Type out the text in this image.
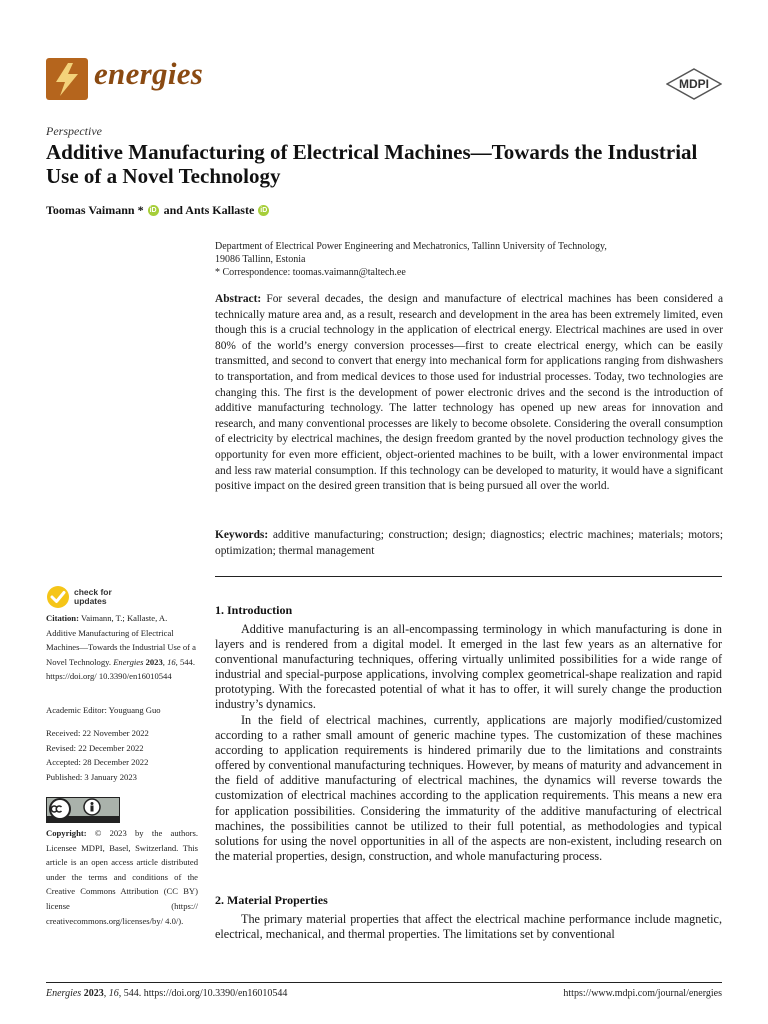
energies	MDPI
Perspective
Additive Manufacturing of Electrical Machines—Towards the Industrial Use of a Novel Technology
Toomas Vaimann * iD and Ants Kallaste iD
Department of Electrical Power Engineering and Mechatronics, Tallinn University of Technology,
19086 Tallinn, Estonia
* Correspondence: toomas.vaimann@taltech.ee
Abstract: For several decades, the design and manufacture of electrical machines has been considered a technically mature area and, as a result, research and development in the area has been extremely limited, even though this is a crucial technology in the application of electrical energy. Electrical machines are used in over 80% of the world’s energy conversion processes—first to create electrical energy, which can be easily transmitted, and second to convert that energy into mechanical form for applications ranging from dishwashers to transportation, and from medical devices to those used for industrial processes. Today, two technologies are changing this. The first is the development of power electronic drives and the second is the introduction of additive manufacturing technology. The latter technology has opened up new areas for innovation and research, and many conventional processes are likely to become obsolete. Considering the overall consumption of electricity by electrical machines, the design freedom granted by the novel production technology gives the opportunity for even more efficient, object-oriented machines to be built, with a lower environmental impact and less raw material consumption. If this technology can be developed to maturity, it would have a significant positive impact on the desired green transition that is being pursued all over the world.
Keywords: additive manufacturing; construction; design; diagnostics; electric machines; materials; motors; optimization; thermal management
check for
updates
Citation: Vaimann, T.; Kallaste, A. Additive Manufacturing of Electrical Machines—Towards the Industrial Use of a Novel Technology. Energies 2023, 16, 544. https://doi.org/ 10.3390/en16010544
Academic Editor: Youguang Guo
Received: 22 November 2022
Revised: 22 December 2022
Accepted: 28 December 2022
Published: 3 January 2023
Copyright: © 2023 by the authors. Licensee MDPI, Basel, Switzerland. This article is an open access article distributed under the terms and conditions of the Creative Commons Attribution (CC BY) license (https:// creativecommons.org/licenses/by/ 4.0/).
1. Introduction
Additive manufacturing is an all-encompassing terminology in which manufacturing is done in layers and is rendered from a digital model. It emerged in the last few years as an alternative for conventional manufacturing techniques, offering virtually unlimited possibilities for a wide range of industrial and special-purpose applications, involving complex geometrical-shape realization and rapid prototyping. With the forecasted potential of what it has to offer, it will surely change the production industry’s dynamics.
In the field of electrical machines, currently, applications are majorly modified/customized according to a rather small amount of generic machine types. The customization of these machines according to application requirements is hindered primarily due to the limitations and constraints offered by conventional manufacturing techniques. However, by means of maturity and advancement in the field of additive manufacturing of electrical machines, the dynamics will reverse towards the customization of electrical machines according to the application requirements. This means a new era for application possibilities. Considering the immaturity of the additive manufacturing of electrical machines, the possibilities cannot be utilized to their full potential, as methodologies and typical solutions for using the novel opportunities in all of the aspects are non-existent, including research on the material properties, design, construction, and whole manufacturing process.
2. Material Properties
The primary material properties that affect the electrical machine performance include magnetic, electrical, mechanical, and thermal properties. The limitations set by conventional
Energies 2023, 16, 544. https://doi.org/10.3390/en16010544	https://www.mdpi.com/journal/energies
